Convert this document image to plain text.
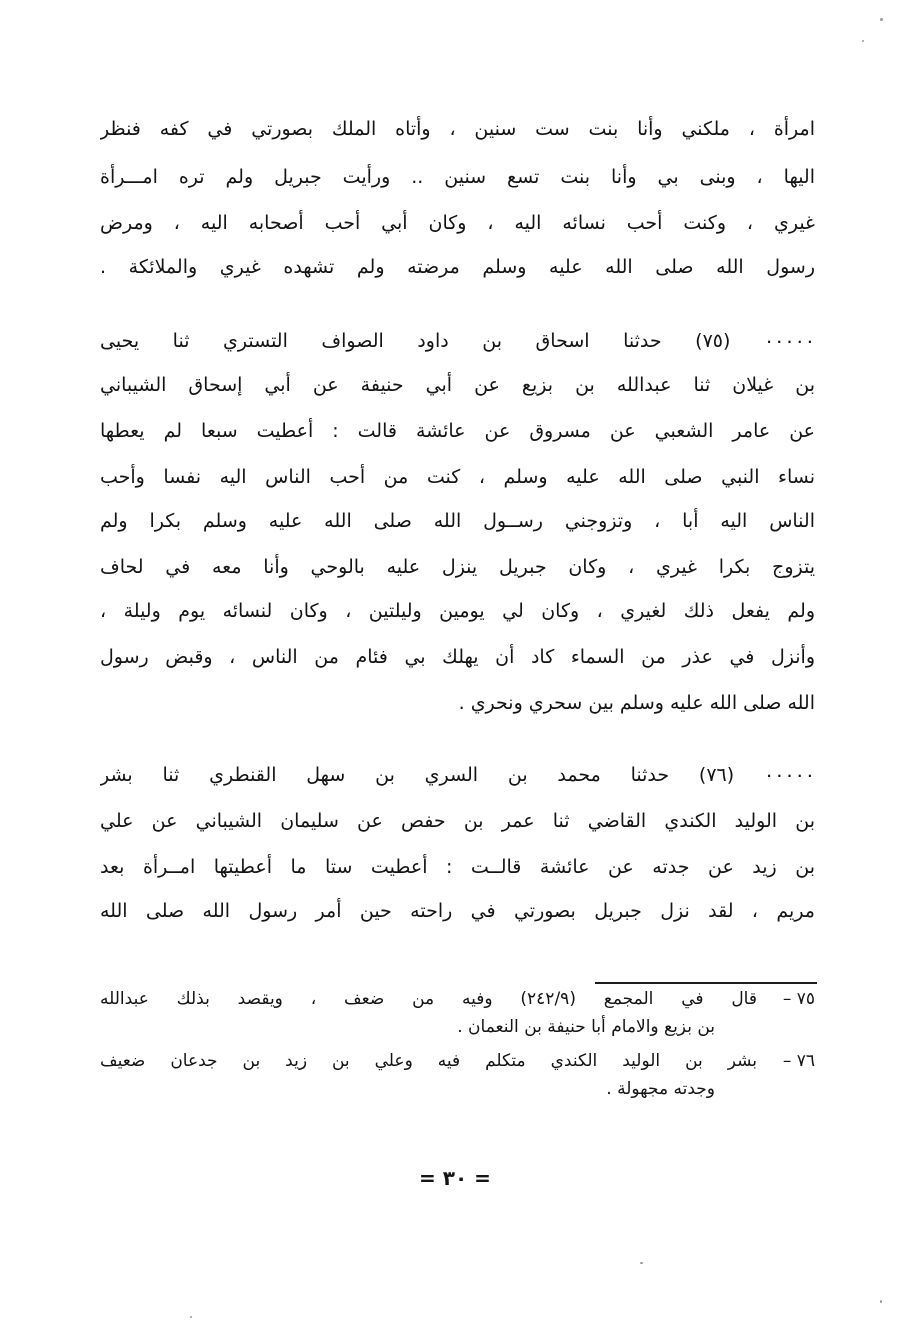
امرأة ، ملكني وأنا بنت ست سنين ، وأتاه الملك بصورتي في كفه فنظر
اليها ، وبنى بي وأنا بنت تسع سنين .. ورأيت جبريل ولم تره امـــرأة
غيري ، وكنت أحب نسائه اليه ، وكان أبي أحب أصحابه اليه ، ومرض
رسول الله صلى الله عليه وسلم مرضته ولم تشهده غيري والملائكة .
٠٠٠٠٠ (٧٥) حدثنا اسحاق بن داود الصواف التستري ثنا يحيى
بن غيلان ثنا عبدالله بن بزيع عن أبي حنيفة عن أبي إسحاق الشيباني
عن عامر الشعبي عن مسروق عن عائشة قالت : أعطيت سبعا لم يعطها
نساء النبي صلى الله عليه وسلم ، كنت من أحب الناس اليه نفسا وأحب
الناس اليه أبا ، وتزوجني رســول الله صلى الله عليه وسلم بكرا ولم
يتزوج بكرا غيري ، وكان جبريل ينزل عليه بالوحي وأنا معه في لحاف
ولم يفعل ذلك لغيري ، وكان لي يومين وليلتين ، وكان لنسائه يوم وليلة ،
وأنزل في عذر من السماء كاد أن يهلك بي فئام من الناس ، وقبض رسول
الله صلى الله عليه وسلم بين سحري ونحري .
٠٠٠٠٠ (٧٦) حدثنا محمد بن السري بن سهل القنطري ثنا بشر
بن الوليد الكندي القاضي ثنا عمر بن حفص عن سليمان الشيباني عن علي
بن زيد عن جدته عن عائشة قالــت : أعطيت ستا ما أعطيتها امــرأة بعد
مريم ، لقد نزل جبريل بصورتي في راحته حين أمر رسول الله صلى الله
٧٥ –
قال في المجمع (٢٤٢/٩) وفيه من ضعف ، ويقصد بذلك عبدالله
بن بزيع والامام أبا حنيفة بن النعمان .
٧٦ –
بشر بن الوليد الكندي متكلم فيه وعلي بن زيد بن جدعان ضعيف
وجدته مجهولة .
= ٣٠ =
